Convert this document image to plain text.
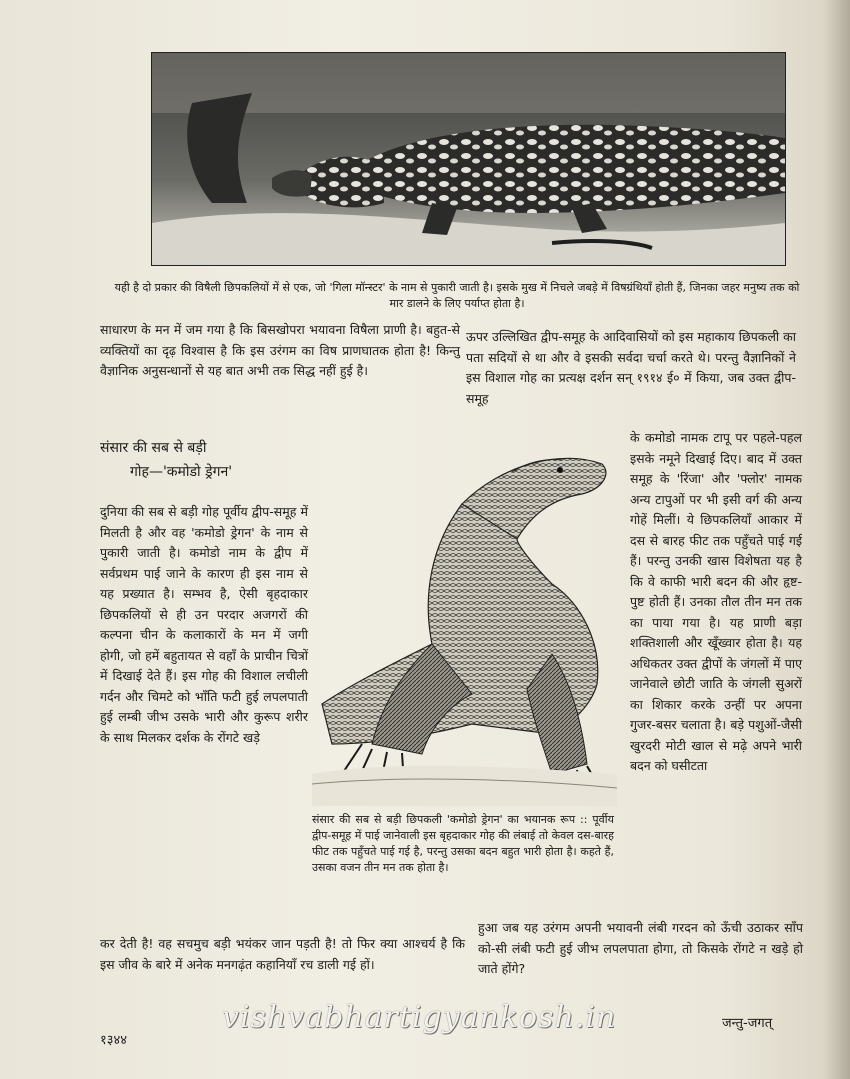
यही है दो प्रकार की विषैली छिपकलियों में से एक, जो 'गिला मॉन्स्टर' के नाम से पुकारी जाती है। इसके मुख में निचले जबड़े में विषग्रंथियाँ होती हैं, जिनका जहर मनुष्य तक को मार डालने के लिए पर्याप्त होता है।
साधारण के मन में जम गया है कि बिसखोपरा भयावना विषैला प्राणी है। बहुत-से व्यक्तियों का दृढ़ विश्वास है कि इस उरंगम का विष प्राणघातक होता है! किन्तु वैज्ञानिक अनुसन्धानों से यह बात अभी तक सिद्ध नहीं हुई है।
ऊपर उल्लिखित द्वीप-समूह के आदिवासियों को इस महाकाय छिपकली का पता सदियों से था और वे इसकी सर्वदा चर्चा करते थे। परन्तु वैज्ञानिकों ने इस विशाल गोह का प्रत्यक्ष दर्शन सन् १९१४ ई० में किया, जब उक्त द्वीप-समूह
संसार की सब से बड़ी
गोह—'कमोडो ड्रेगन'
दुनिया की सब से बड़ी गोह पूर्वीय द्वीप-समूह में मिलती है और वह 'कमोडो ड्रेगन' के नाम से पुकारी जाती है। कमोडो नाम के द्वीप में सर्वप्रथम पाई जाने के कारण ही इस नाम से यह प्रख्यात है। सम्भव है, ऐसी बृहदाकार छिपकलियों से ही उन परदार अजगरों की कल्पना चीन के कलाकारों के मन में जगी होगी, जो हमें बहुतायत से वहाँ के प्राचीन चित्रों में दिखाई देते हैं। इस गोह की विशाल लचीली गर्दन और चिमटे को भाँति फटी हुई लपलपाती हुई लम्बी जीभ उसके भारी और कुरूप शरीर के साथ मिलकर दर्शक के रोंगटे खड़े
के कमोडो नामक टापू पर पहले-पहल इसके नमूने दिखाई दिए। बाद में उक्त समूह के 'रिंजा' और 'फ्लोर' नामक अन्य टापुओं पर भी इसी वर्ग की अन्य गोहें मिलीं। ये छिपकलियाँ आकार में दस से बारह फीट तक पहुँचते पाई गई हैं। परन्तु उनकी खास विशेषता यह है कि वे काफी भारी बदन की और हृष्ट-पुष्ट होती हैं। उनका तौल तीन मन तक का पाया गया है। यह प्राणी बड़ा शक्तिशाली और खूँख्वार होता है। यह अधिकतर उक्त द्वीपों के जंगलों में पाए जानेवाले छोटी जाति के जंगली सुअरों का शिकार करके उन्हीं पर अपना गुजर-बसर चलाता है। बड़े पशुओं-जैसी खुरदरी मोटी खाल से मढ़े अपने भारी बदन को घसीटता
संसार की सब से बड़ी छिपकली 'कमोडो ड्रेगन' का भयानक रूप :: पूर्वीय द्वीप-समूह में पाई जानेवाली इस बृहदाकार गोह की लंबाई तो केवल दस-बारह फीट तक पहुँचते पाई गई है, परन्तु उसका बदन बहुत भारी होता है। कहते हैं, उसका वजन तीन मन तक होता है।
कर देती है! वह सचमुच बड़ी भयंकर जान पड़ती है! तो फिर क्या आश्चर्य है कि इस जीव के बारे में अनेक मनगढ़ंत कहानियाँ रच डाली गई हों।
हुआ जब यह उरंगम अपनी भयावनी लंबी गरदन को ऊँची उठाकर साँप को-सी लंबी फटी हुई जीभ लपलपाता होगा, तो किसके रोंगटे न खड़े हो जाते होंगे?
१३४४
vishvabhartigyankosh.in	जन्तु-जगत्
